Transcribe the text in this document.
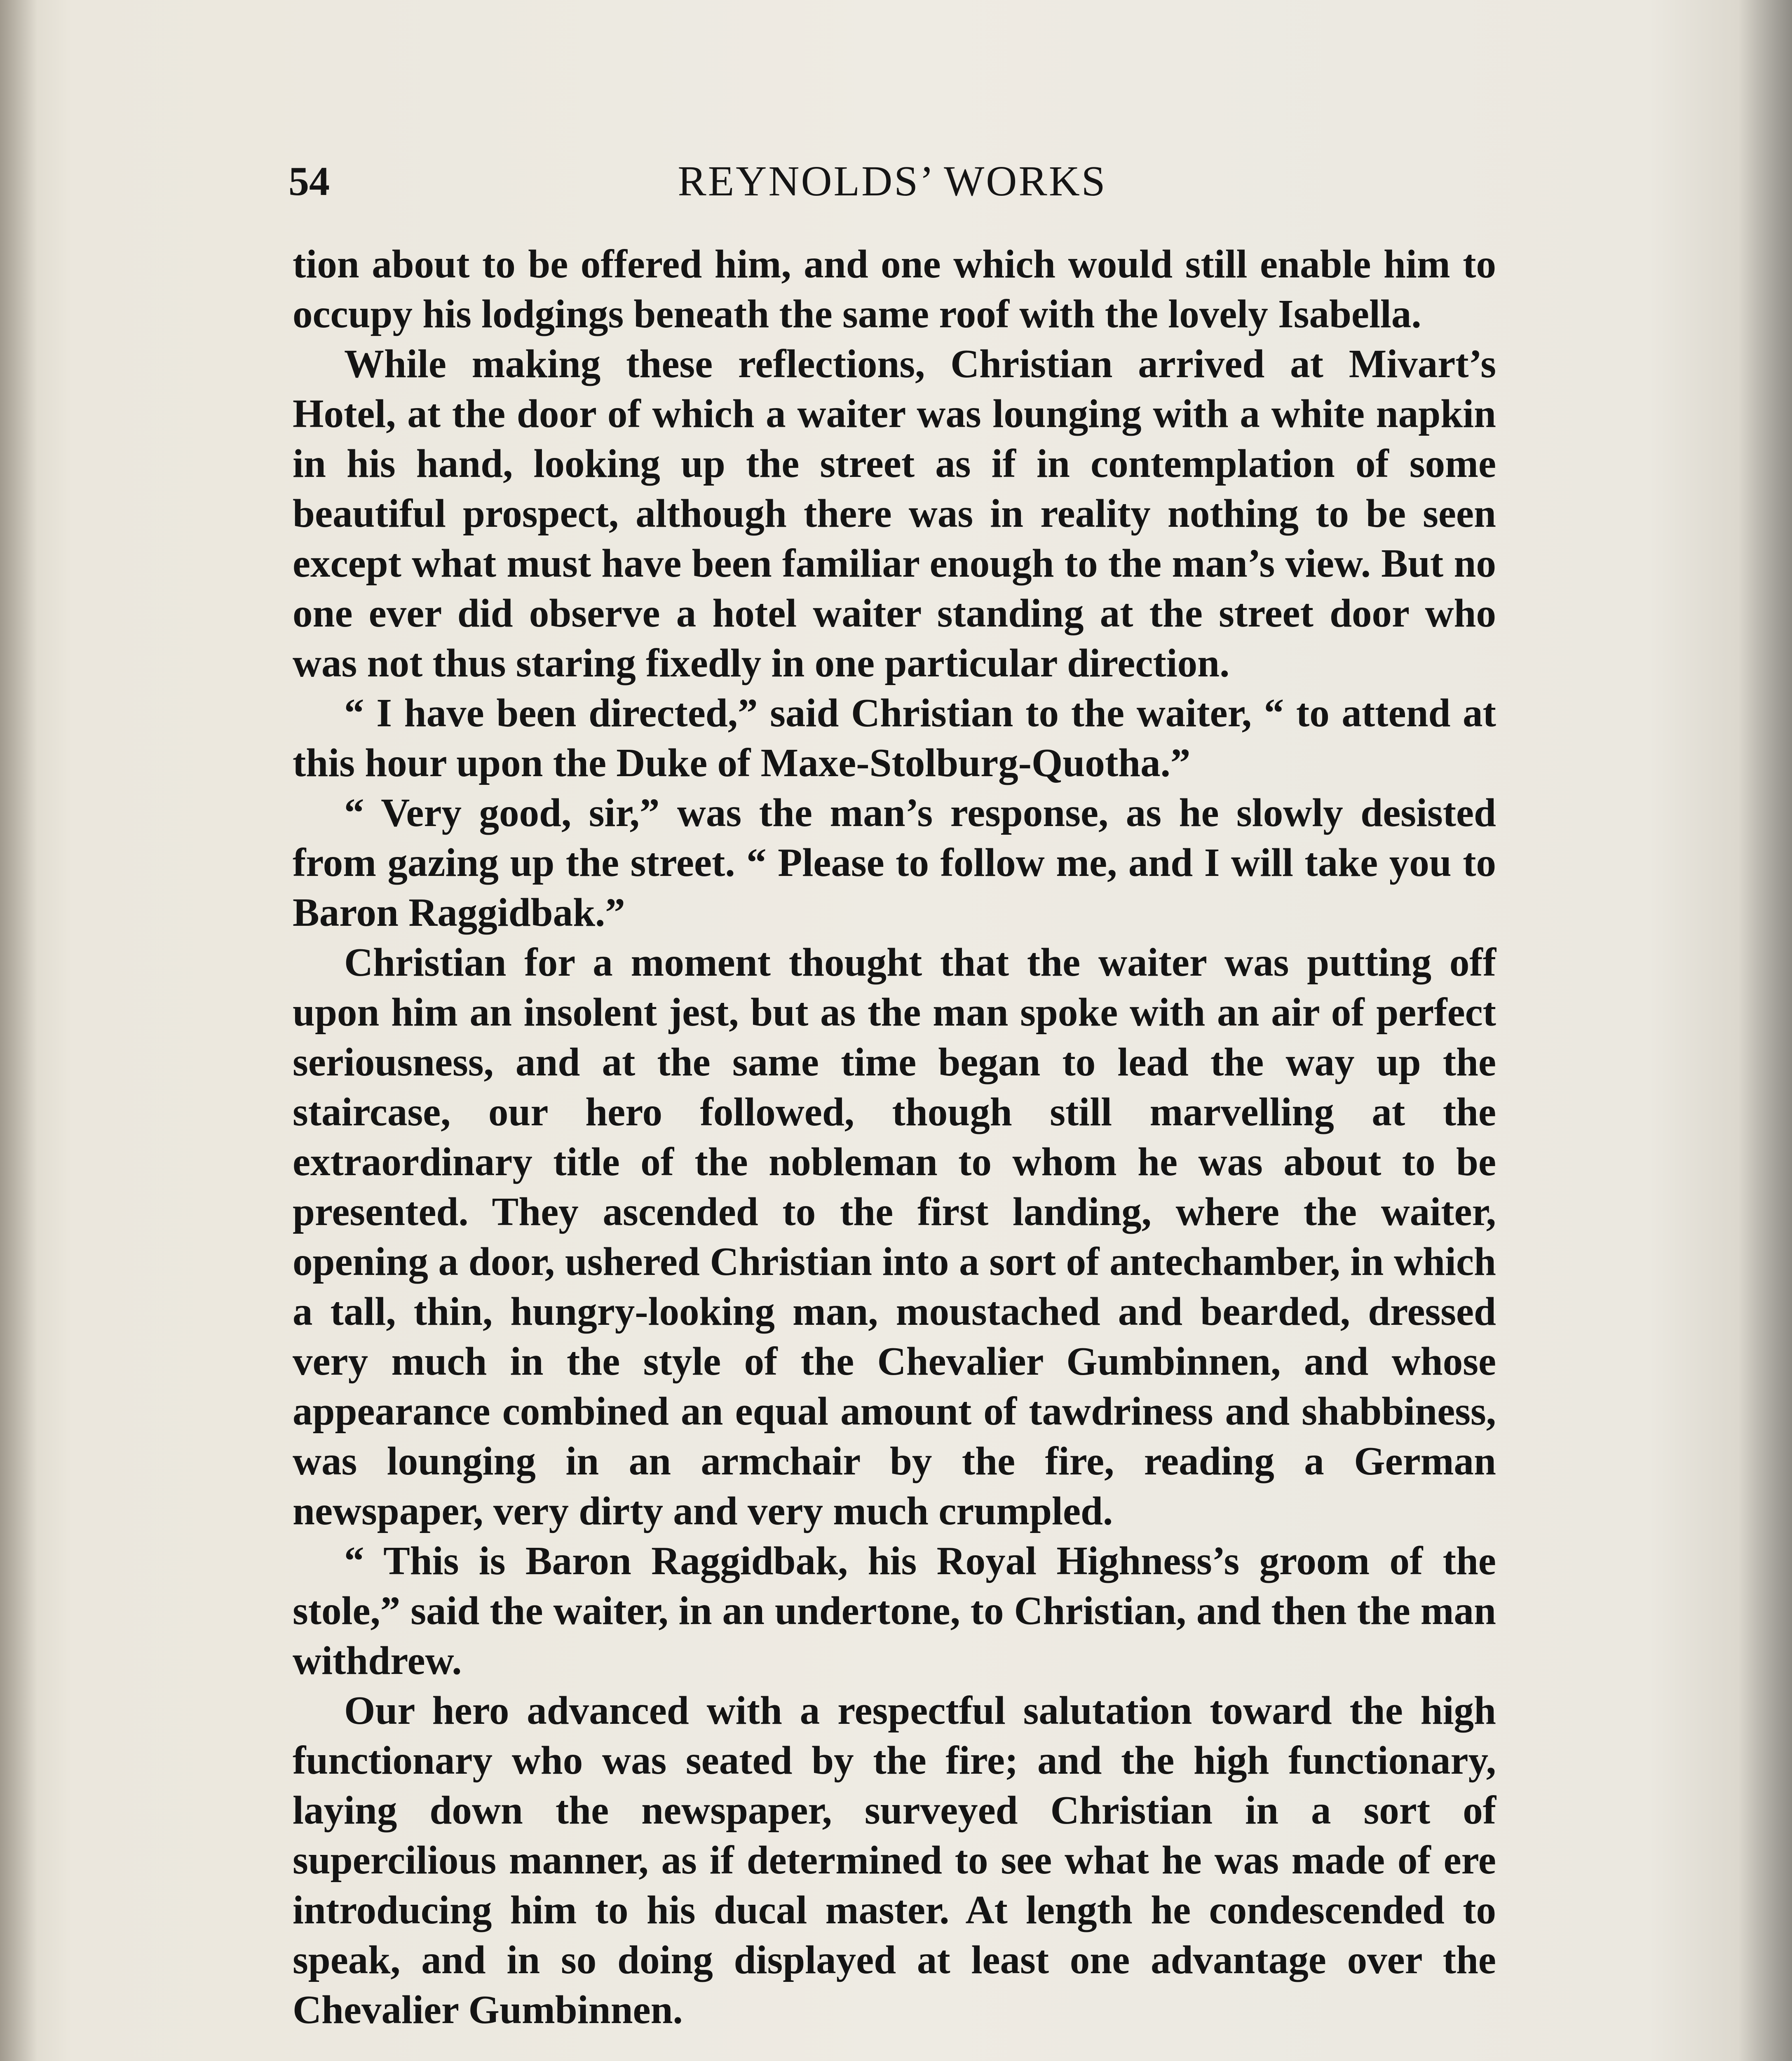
54	REYNOLDS’ WORKS

tion about to be offered him, and one which would still enable him to occupy his lodgings beneath the same roof with the lovely Isabella.

While making these reflections, Christian arrived at Mivart’s Hotel, at the door of which a waiter was lounging with a white napkin in his hand, looking up the street as if in contemplation of some beautiful prospect, although there was in reality nothing to be seen except what must have been familiar enough to the man’s view. But no one ever did observe a hotel waiter standing at the street door who was not thus staring fixedly in one particular direction.

“ I have been directed,” said Christian to the waiter, “ to attend at this hour upon the Duke of Maxe-Stolburg-Quotha.”

“ Very good, sir,” was the man’s response, as he slowly desisted from gazing up the street. “ Please to follow me, and I will take you to Baron Raggidbak.”

Christian for a moment thought that the waiter was putting off upon him an insolent jest, but as the man spoke with an air of perfect seriousness, and at the same time began to lead the way up the staircase, our hero followed, though still marvelling at the extraordinary title of the nobleman to whom he was about to be presented. They ascended to the first landing, where the waiter, opening a door, ushered Christian into a sort of antechamber, in which a tall, thin, hungry-looking man, moustached and bearded, dressed very much in the style of the Chevalier Gumbinnen, and whose appearance combined an equal amount of tawdriness and shabbiness, was lounging in an armchair by the fire, reading a German newspaper, very dirty and very much crumpled.

“ This is Baron Raggidbak, his Royal Highness’s groom of the stole,” said the waiter, in an undertone, to Christian, and then the man withdrew.

Our hero advanced with a respectful salutation toward the high functionary who was seated by the fire; and the high functionary, laying down the newspaper, surveyed Christian in a sort of supercilious manner, as if determined to see what he was made of ere introducing him to his ducal master. At length he condescended to speak, and in so doing displayed at least one advantage over the Chevalier Gumbinnen.
